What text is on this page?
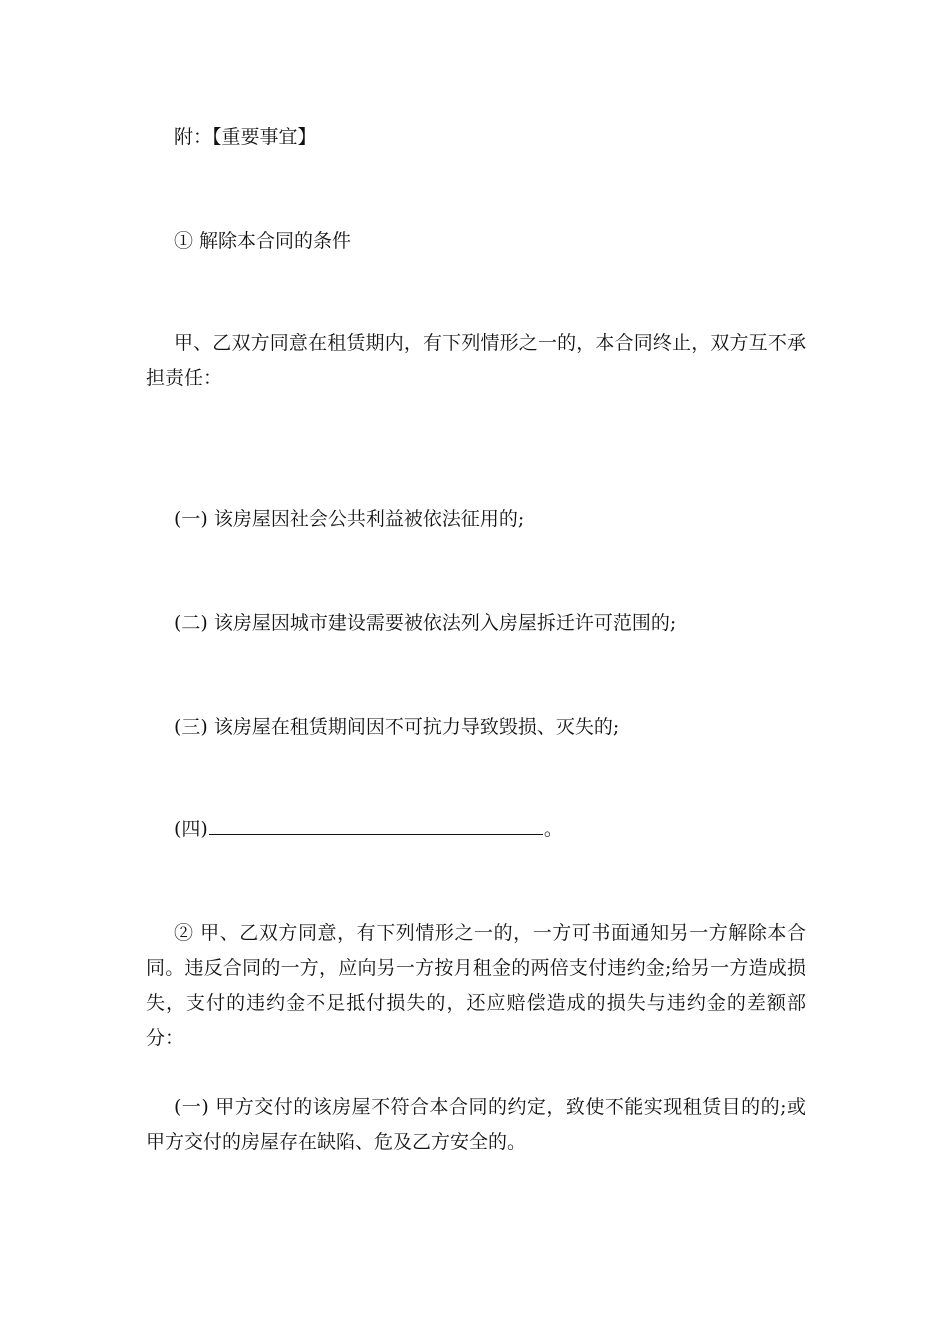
附：【重要事宜】

① 解除本合同的条件

甲、乙双方同意在租赁期内，有下列情形之一的，本合同终止，双方互不承担责任：

(一) 该房屋因社会公共利益被依法征用的;

(二) 该房屋因城市建设需要被依法列入房屋拆迁许可范围的;

(三) 该房屋在租赁期间因不可抗力导致毁损、灭失的;

(四)	。

② 甲、乙双方同意，有下列情形之一的，一方可书面通知另一方解除本合同。违反合同的一方，应向另一方按月租金的两倍支付违约金;给另一方造成损失，支付的违约金不足抵付损失的，还应赔偿造成的损失与违约金的差额部分：

(一) 甲方交付的该房屋不符合本合同的约定，致使不能实现租赁目的的;或甲方交付的房屋存在缺陷、危及乙方安全的。
